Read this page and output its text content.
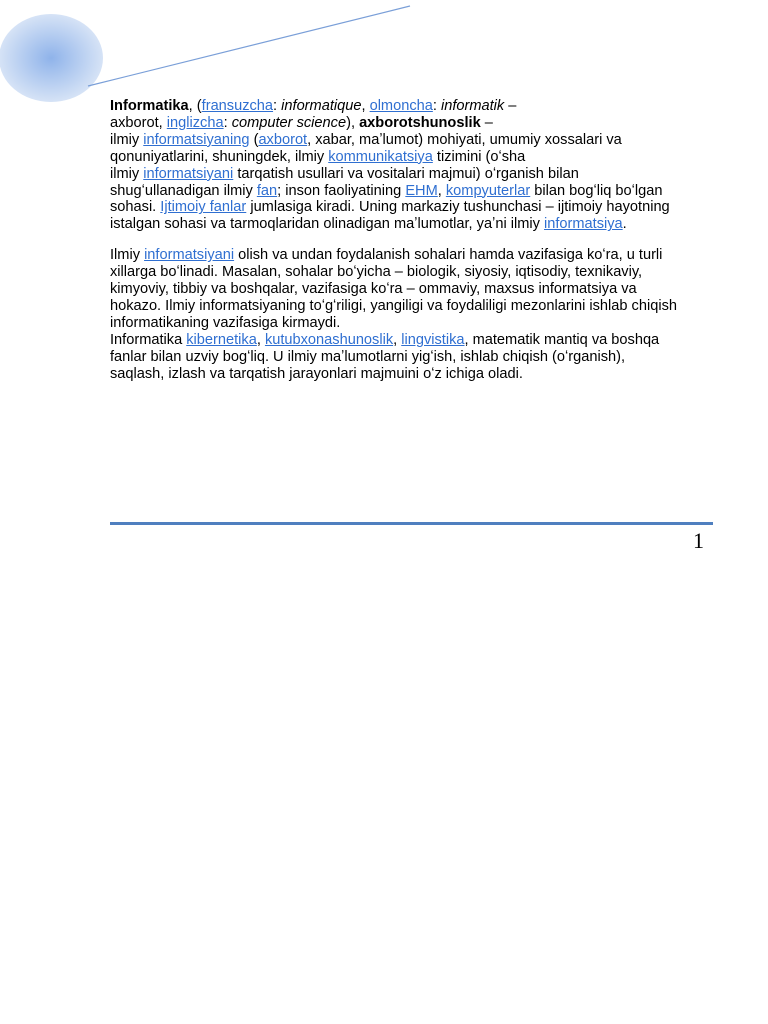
Informatika, (fransuzcha: informatique, olmoncha: informatik –
axborot, inglizcha: computer science), axborotshunoslik –
ilmiy informatsiyaning (axborot, xabar, maʼlumot) mohiyati, umumiy xossalari va
qonuniyatlarini, shuningdek, ilmiy kommunikatsiya tizimini (oʻsha
ilmiy informatsiyani tarqatish usullari va vositalari majmui) oʻrganish bilan
shugʻullanadigan ilmiy fan; inson faoliyatining EHM, kompyuterlar bilan bogʻliq boʻlgan
sohasi. Ijtimoiy fanlar jumlasiga kiradi. Uning markaziy tushunchasi – ijtimoiy hayotning
istalgan sohasi va tarmoqlaridan olinadigan maʼlumotlar, yaʼni ilmiy informatsiya.

Ilmiy informatsiyani olish va undan foydalanish sohalari hamda vazifasiga koʻra, u turli
xillarga boʻlinadi. Masalan, sohalar boʻyicha – biologik, siyosiy, iqtisodiy, texnikaviy,
kimyoviy, tibbiy va boshqalar, vazifasiga koʻra – ommaviy, maxsus informatsiya va
hokazo. Ilmiy informatsiyaning toʻgʻriligi, yangiligi va foydaliligi mezonlarini ishlab chiqish
informatikaning vazifasiga kirmaydi.

Informatika kibernetika, kutubxonashunoslik, lingvistika, matematik mantiq va boshqa
fanlar bilan uzviy bogʻliq. U ilmiy maʼlumotlarni yigʻish, ishlab chiqish (oʻrganish),
saqlash, izlash va tarqatish jarayonlari majmuini oʻz ichiga oladi.

1
